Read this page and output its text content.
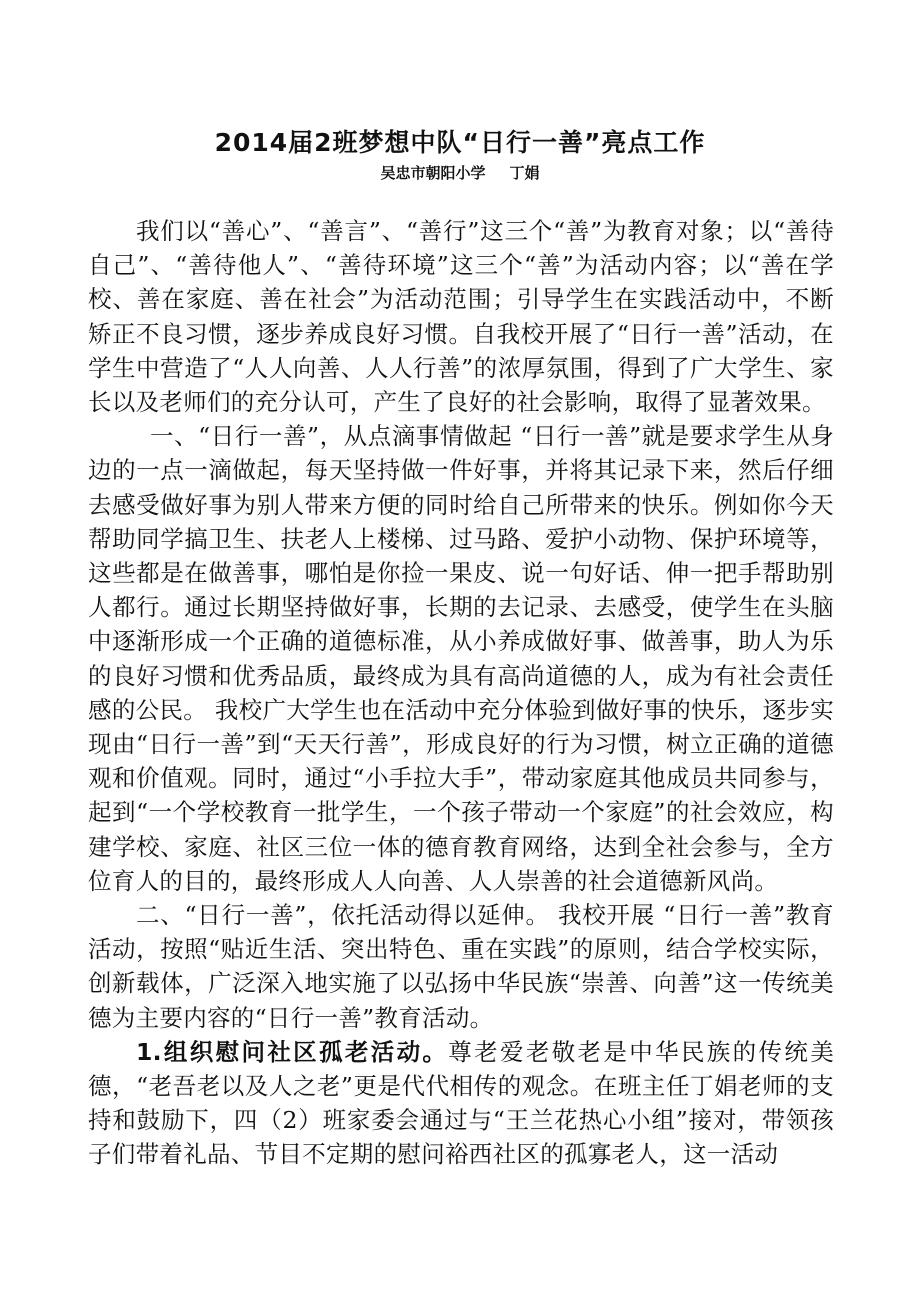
2014届2班梦想中队“日行一善”亮点工作

吴忠市朝阳小学 丁娟

我们以“善心”、“善言”、“善行”这三个“善”为教育对象；以“善待自己”、“善待他人”、“善待环境”这三个“善”为活动内容；以“善在学校、善在家庭、善在社会”为活动范围；引导学生在实践活动中，不断矫正不良习惯，逐步养成良好习惯。自我校开展了“日行一善”活动，在学生中营造了“人人向善、人人行善”的浓厚氛围，得到了广大学生、家长以及老师们的充分认可，产生了良好的社会影响，取得了显著效果。

一、“日行一善”，从点滴事情做起 “日行一善”就是要求学生从身边的一点一滴做起，每天坚持做一件好事，并将其记录下来，然后仔细去感受做好事为别人带来方便的同时给自己所带来的快乐。例如你今天帮助同学搞卫生、扶老人上楼梯、过马路、爱护小动物、保护环境等，这些都是在做善事，哪怕是你捡一果皮、说一句好话、伸一把手帮助别人都行。通过长期坚持做好事，长期的去记录、去感受，使学生在头脑中逐渐形成一个正确的道德标准，从小养成做好事、做善事，助人为乐的良好习惯和优秀品质，最终成为具有高尚道德的人，成为有社会责任感的公民。 我校广大学生也在活动中充分体验到做好事的快乐，逐步实现由“日行一善”到“天天行善”，形成良好的行为习惯，树立正确的道德观和价值观。同时，通过“小手拉大手”，带动家庭其他成员共同参与，起到“一个学校教育一批学生，一个孩子带动一个家庭”的社会效应，构建学校、家庭、社区三位一体的德育教育网络，达到全社会参与，全方位育人的目的，最终形成人人向善、人人崇善的社会道德新风尚。

二、“日行一善”，依托活动得以延伸。 我校开展 “日行一善”教育活动，按照“贴近生活、突出特色、重在实践”的原则，结合学校实际，创新载体，广泛深入地实施了以弘扬中华民族“崇善、向善”这一传统美德为主要内容的“日行一善”教育活动。

1.组织慰问社区孤老活动。尊老爱老敬老是中华民族的传统美德，“老吾老以及人之老”更是代代相传的观念。在班主任丁娟老师的支持和鼓励下，四（2）班家委会通过与“王兰花热心小组”接对，带领孩子们带着礼品、节目不定期的慰问裕西社区的孤寡老人，这一活动
